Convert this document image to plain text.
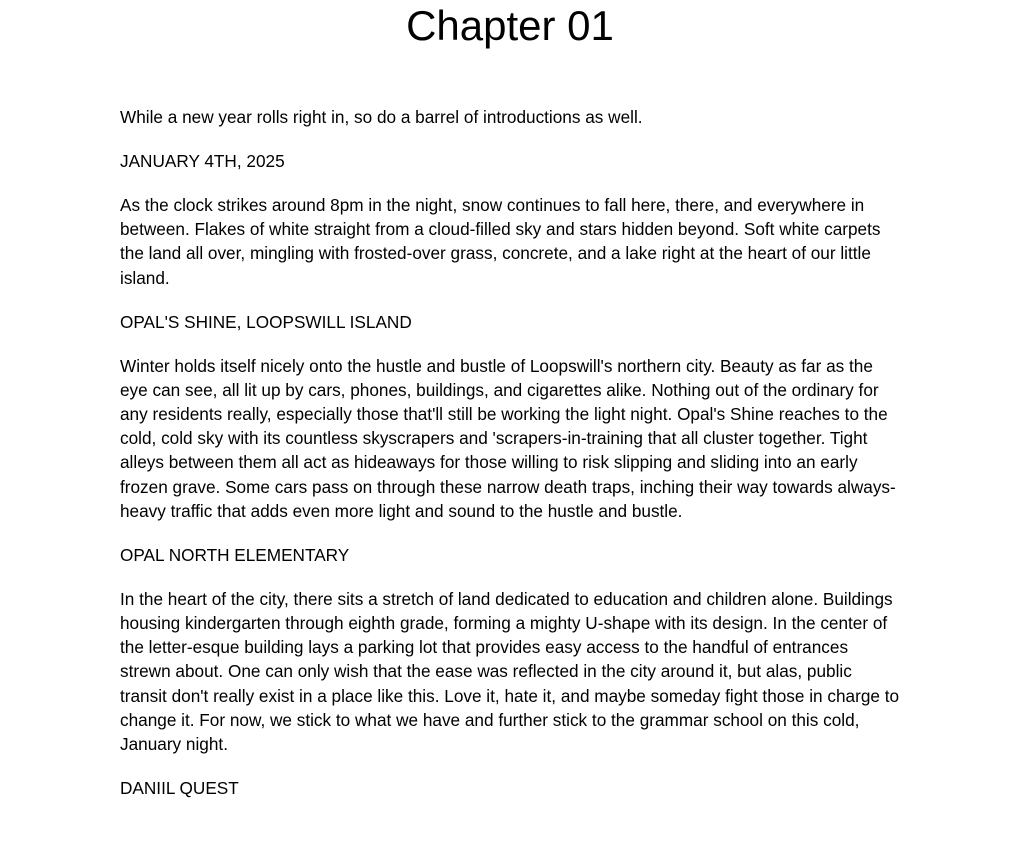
Chapter 01

While a new year rolls right in, so do a barrel of introductions as well.

JANUARY 4TH, 2025

As the clock strikes around 8pm in the night, snow continues to fall here, there, and everywhere in between. Flakes of white straight from a cloud-filled sky and stars hidden beyond. Soft white carpets the land all over, mingling with frosted-over grass, concrete, and a lake right at the heart of our little island.

OPAL'S SHINE, LOOPSWILL ISLAND

Winter holds itself nicely onto the hustle and bustle of Loopswill's northern city. Beauty as far as the eye can see, all lit up by cars, phones, buildings, and cigarettes alike. Nothing out of the ordinary for any residents really, especially those that'll still be working the light night. Opal's Shine reaches to the cold, cold sky with its countless skyscrapers and 'scrapers-in-training that all cluster together. Tight alleys between them all act as hideaways for those willing to risk slipping and sliding into an early frozen grave. Some cars pass on through these narrow death traps, inching their way towards always-heavy traffic that adds even more light and sound to the hustle and bustle.

OPAL NORTH ELEMENTARY

In the heart of the city, there sits a stretch of land dedicated to education and children alone. Buildings housing kindergarten through eighth grade, forming a mighty U-shape with its design. In the center of the letter-esque building lays a parking lot that provides easy access to the handful of entrances strewn about. One can only wish that the ease was reflected in the city around it, but alas, public transit don't really exist in a place like this. Love it, hate it, and maybe someday fight those in charge to change it. For now, we stick to what we have and further stick to the grammar school on this cold, January night.

DANIIL QUEST
